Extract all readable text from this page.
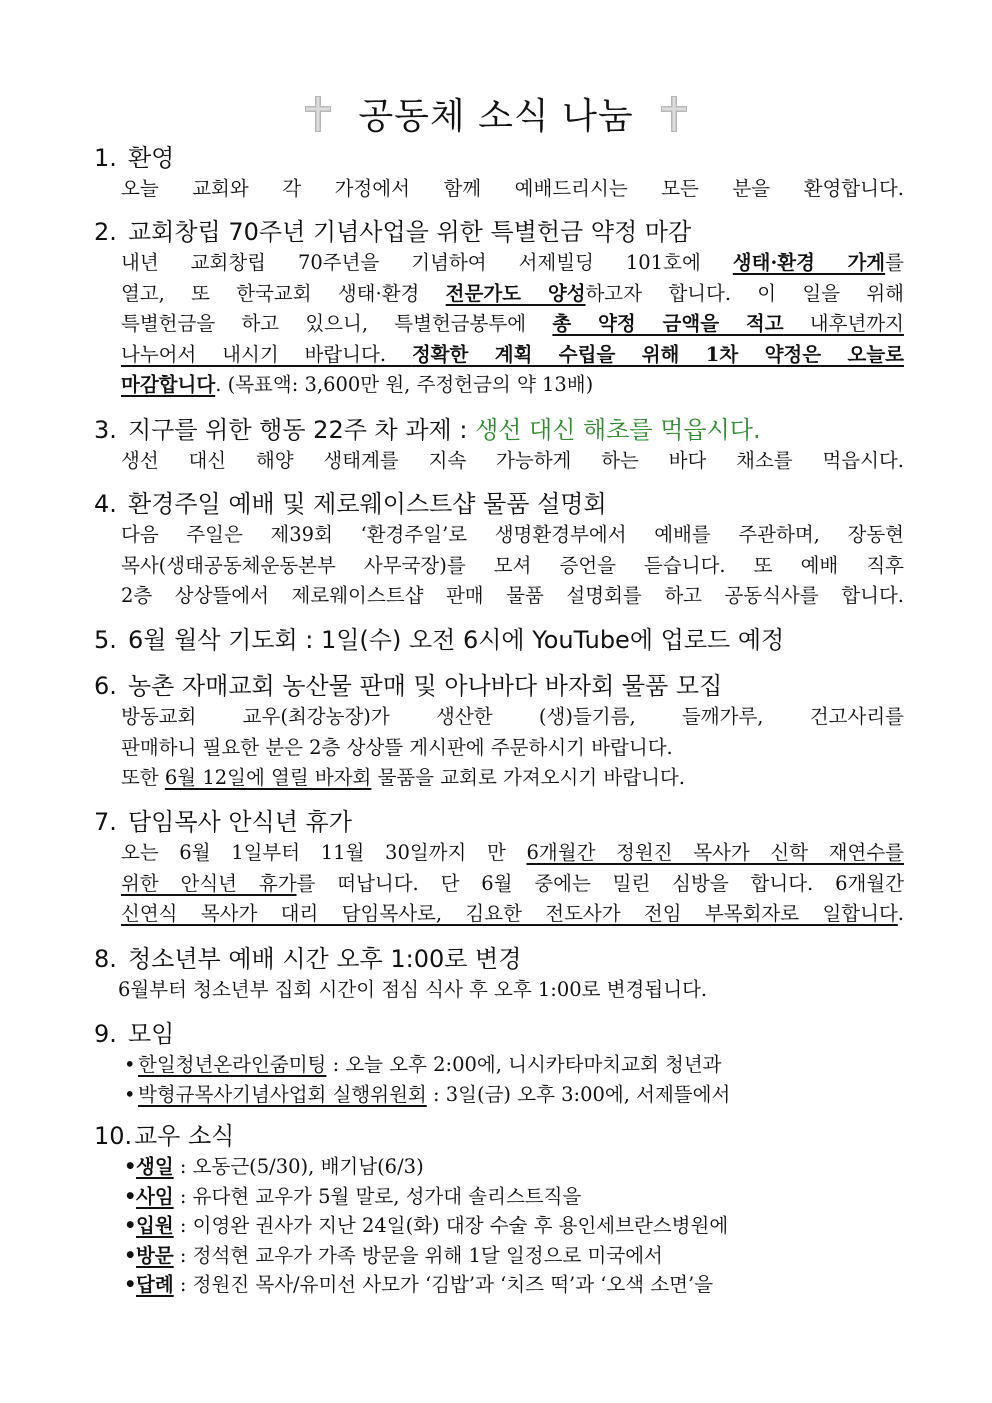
공동체 소식 나눔
1. 환영
오늘 교회와 각 가정에서 함께 예배드리시는 모든 분을 환영합니다.
2. 교회창립 70주년 기념사업을 위한 특별헌금 약정 마감
내년 교회창립 70주년을 기념하여 서제빌딩 101호에 생태·환경 가게를
열고, 또 한국교회 생태·환경 전문가도 양성하고자 합니다. 이 일을 위해
특별헌금을 하고 있으니, 특별헌금봉투에 총 약정 금액을 적고 내후년까지
나누어서 내시기 바랍니다. 정확한 계획 수립을 위해 1차 약정은 오늘로
마감합니다. (목표액: 3,600만 원, 주정헌금의 약 13배)
3. 지구를 위한 행동 22주 차 과제 : 생선 대신 해초를 먹읍시다.
생선 대신 해양 생태계를 지속 가능하게 하는 바다 채소를 먹읍시다.
4. 환경주일 예배 및 제로웨이스트샵 물품 설명회
다음 주일은 제39회 ‘환경주일’로 생명환경부에서 예배를 주관하며, 장동현
목사(생태공동체운동본부 사무국장)를 모셔 증언을 듣습니다. 또 예배 직후
2층 상상뜰에서 제로웨이스트샵 판매 물품 설명회를 하고 공동식사를 합니다.
5. 6월 월삭 기도회 : 1일(수) 오전 6시에 YouTube에 업로드 예정
6. 농촌 자매교회 농산물 판매 및 아나바다 바자회 물품 모집
방동교회 교우(최강농장)가 생산한 (생)들기름, 들깨가루, 건고사리를
판매하니 필요한 분은 2층 상상뜰 게시판에 주문하시기 바랍니다.
또한 6월 12일에 열릴 바자회 물품을 교회로 가져오시기 바랍니다.
7. 담임목사 안식년 휴가
오는 6월 1일부터 11월 30일까지 만 6개월간 정원진 목사가 신학 재연수를
위한 안식년 휴가를 떠납니다. 단 6월 중에는 밀린 심방을 합니다. 6개월간
신연식 목사가 대리 담임목사로, 김요한 전도사가 전임 부목회자로 일합니다.
8. 청소년부 예배 시간 오후 1:00로 변경
6월부터 청소년부 집회 시간이 점심 식사 후 오후 1:00로 변경됩니다.
9. 모임
• 한일청년온라인줌미팅 : 오늘 오후 2:00에, 니시카타마치교회 청년과
• 박형규목사기념사업회 실행위원회 : 3일(금) 오후 3:00에, 서제뜰에서
10.교우 소식
•생일 : 오동근(5/30), 배기남(6/3)
•사임 : 유다현 교우가 5월 말로, 성가대 솔리스트직을
•입원 : 이영완 권사가 지난 24일(화) 대장 수술 후 용인세브란스병원에
•방문 : 정석현 교우가 가족 방문을 위해 1달 일정으로 미국에서
•답례 : 정원진 목사/유미선 사모가 ‘김밥’과 ‘치즈 떡’과 ‘오색 소면’을
